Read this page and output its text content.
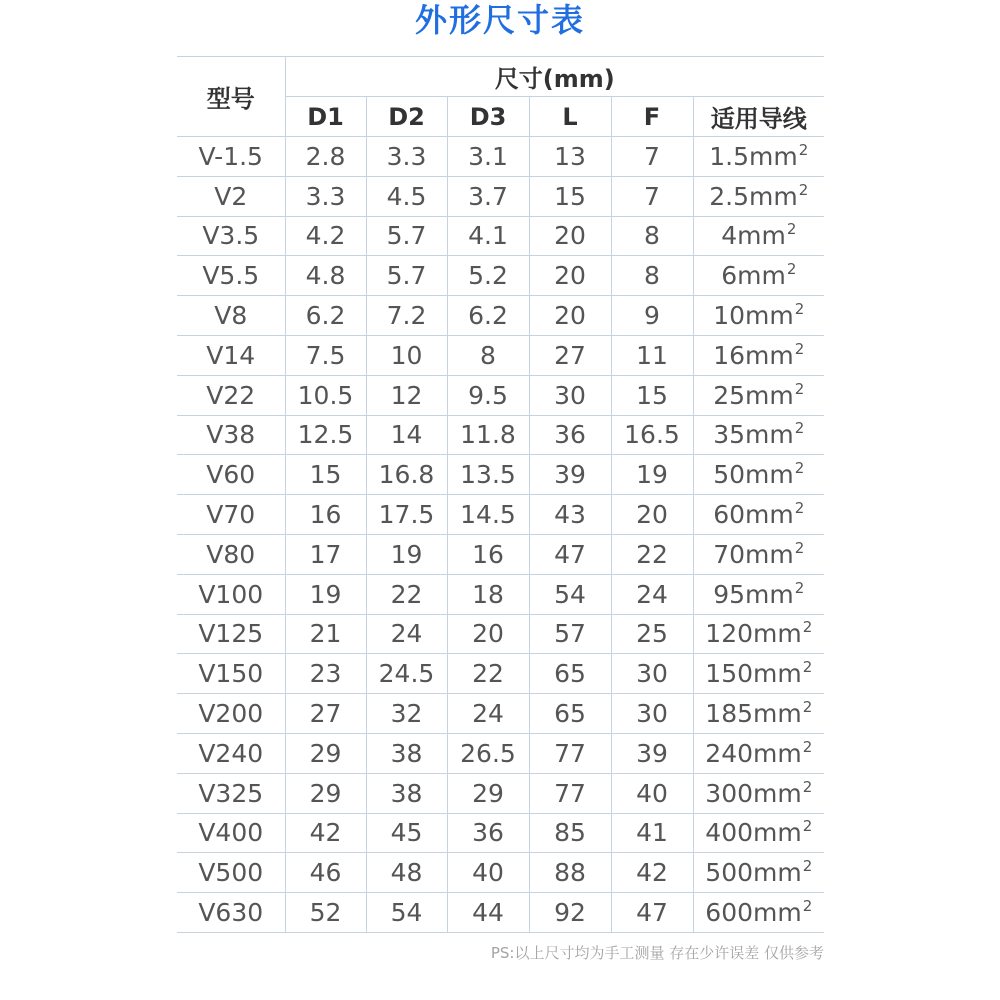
外形尺寸表
型号	尺寸(mm)					
	D1	D2	D3	L	F	适用导线
V-1.5	2.8	3.3	3.1	13	7	$1.5mm^2$
V2	3.3	4.5	3.7	15	7	$2.5mm^2$
V3.5	4.2	5.7	4.1	20	8	$4mm^2$
V5.5	4.8	5.7	5.2	20	8	$6mm^2$
V8	6.2	7.2	6.2	20	9	$10mm^2$
V14	7.5	10	8	27	11	$16mm^2$
V22	10.5	12	9.5	30	15	$25mm^2$
V38	12.5	14	11.8	36	16.5	$35mm^2$
V60	15	16.8	13.5	39	19	$50mm^2$
V70	16	17.5	14.5	43	20	$60mm^2$
V80	17	19	16	47	22	$70mm^2$
V100	19	22	18	54	24	$95mm^2$
V125	21	24	20	57	25	$120mm^2$
V150	23	24.5	22	65	30	$150mm^2$
V200	27	32	24	65	30	$185mm^2$
V240	29	38	26.5	77	39	$240mm^2$
V325	29	38	29	77	40	$300mm^2$
V400	42	45	36	85	41	$400mm^2$
V500	46	48	40	88	42	$500mm^2$
V630	52	54	44	92	47	$600mm^2$
PS:以上尺寸均为手工测量 存在少许误差 仅供参考
